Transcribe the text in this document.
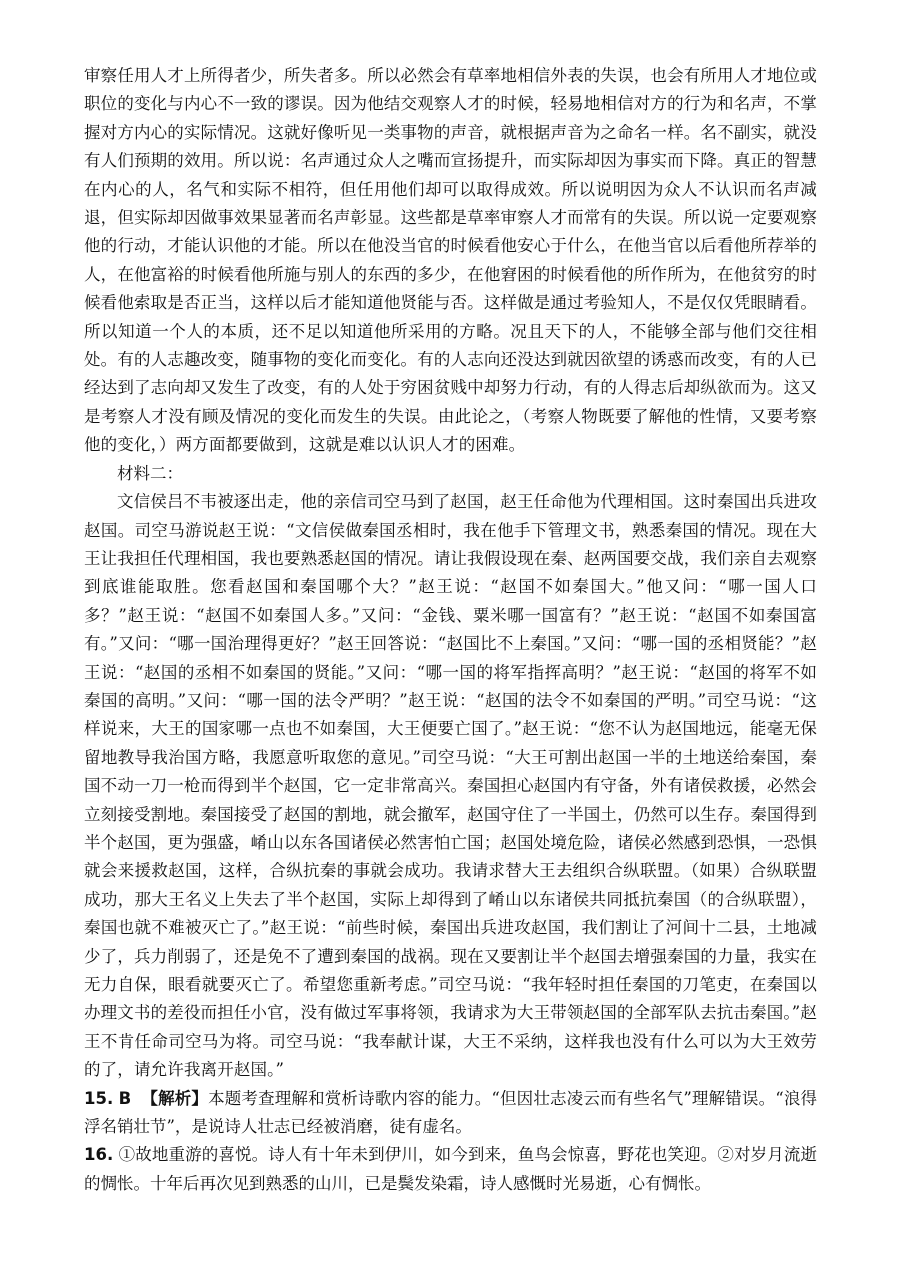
审察任用人才上所得者少，所失者多。所以必然会有草率地相信外表的失误，也会有所用人才地位或职位的变化与内心不一致的谬误。因为他结交观察人才的时候，轻易地相信对方的行为和名声，不掌握对方内心的实际情况。这就好像听见一类事物的声音，就根据声音为之命名一样。名不副实，就没有人们预期的效用。所以说：名声通过众人之嘴而宣扬提升，而实际却因为事实而下降。真正的智慧在内心的人，名气和实际不相符，但任用他们却可以取得成效。所以说明因为众人不认识而名声减退，但实际却因做事效果显著而名声彰显。这些都是草率审察人才而常有的失误。所以说一定要观察他的行动，才能认识他的才能。所以在他没当官的时候看他安心于什么，在他当官以后看他所荐举的人，在他富裕的时候看他所施与别人的东西的多少，在他窘困的时候看他的所作所为，在他贫穷的时候看他索取是否正当，这样以后才能知道他贤能与否。这样做是通过考验知人，不是仅仅凭眼睛看。所以知道一个人的本质，还不足以知道他所采用的方略。况且天下的人，不能够全部与他们交往相处。有的人志趣改变，随事物的变化而变化。有的人志向还没达到就因欲望的诱惑而改变，有的人已经达到了志向却又发生了改变，有的人处于穷困贫贱中却努力行动，有的人得志后却纵欲而为。这又是考察人才没有顾及情况的变化而发生的失误。由此论之，（考察人物既要了解他的性情，又要考察他的变化，）两方面都要做到，这就是难以认识人才的困难。

材料二：

文信侯吕不韦被逐出走，他的亲信司空马到了赵国，赵王任命他为代理相国。这时秦国出兵进攻赵国。司空马游说赵王说：“文信侯做秦国丞相时，我在他手下管理文书，熟悉秦国的情况。现在大王让我担任代理相国，我也要熟悉赵国的情况。请让我假设现在秦、赵两国要交战，我们亲自去观察到底谁能取胜。您看赵国和秦国哪个大？”赵王说：“赵国不如秦国大。”他又问：“哪一国人口多？”赵王说：“赵国不如秦国人多。”又问：“金钱、粟米哪一国富有？”赵王说：“赵国不如秦国富有。”又问：“哪一国治理得更好？”赵王回答说：“赵国比不上秦国。”又问：“哪一国的丞相贤能？”赵王说：“赵国的丞相不如秦国的贤能。”又问：“哪一国的将军指挥高明？”赵王说：“赵国的将军不如秦国的高明。”又问：“哪一国的法令严明？”赵王说：“赵国的法令不如秦国的严明。”司空马说：“这样说来，大王的国家哪一点也不如秦国，大王便要亡国了。”赵王说：“您不认为赵国地远，能毫无保留地教导我治国方略，我愿意听取您的意见。”司空马说：“大王可割出赵国一半的土地送给秦国，秦国不动一刀一枪而得到半个赵国，它一定非常高兴。秦国担心赵国内有守备，外有诸侯救援，必然会立刻接受割地。秦国接受了赵国的割地，就会撤军，赵国守住了一半国土，仍然可以生存。秦国得到半个赵国，更为强盛，崤山以东各国诸侯必然害怕亡国；赵国处境危险，诸侯必然感到恐惧，一恐惧就会来援救赵国，这样，合纵抗秦的事就会成功。我请求替大王去组织合纵联盟。（如果）合纵联盟成功，那大王名义上失去了半个赵国，实际上却得到了崤山以东诸侯共同抵抗秦国（的合纵联盟），秦国也就不难被灭亡了。”赵王说：“前些时候，秦国出兵进攻赵国，我们割让了河间十二县，土地减少了，兵力削弱了，还是免不了遭到秦国的战祸。现在又要割让半个赵国去增强秦国的力量，我实在无力自保，眼看就要灭亡了。希望您重新考虑。”司空马说：“我年轻时担任秦国的刀笔吏，在秦国以办理文书的差役而担任小官，没有做过军事将领，我请求为大王带领赵国的全部军队去抗击秦国。”赵王不肯任命司空马为将。司空马说：“我奉献计谋，大王不采纳，这样我也没有什么可以为大王效劳的了，请允许我离开赵国。”

15. B 【解析】本题考查理解和赏析诗歌内容的能力。“但因壮志凌云而有些名气”理解错误。“浪得浮名销壮节”，是说诗人壮志已经被消磨，徒有虚名。

16. ①故地重游的喜悦。诗人有十年未到伊川，如今到来，鱼鸟会惊喜，野花也笑迎。②对岁月流逝的惆怅。十年后再次见到熟悉的山川，已是鬓发染霜，诗人感慨时光易逝，心有惆怅。
